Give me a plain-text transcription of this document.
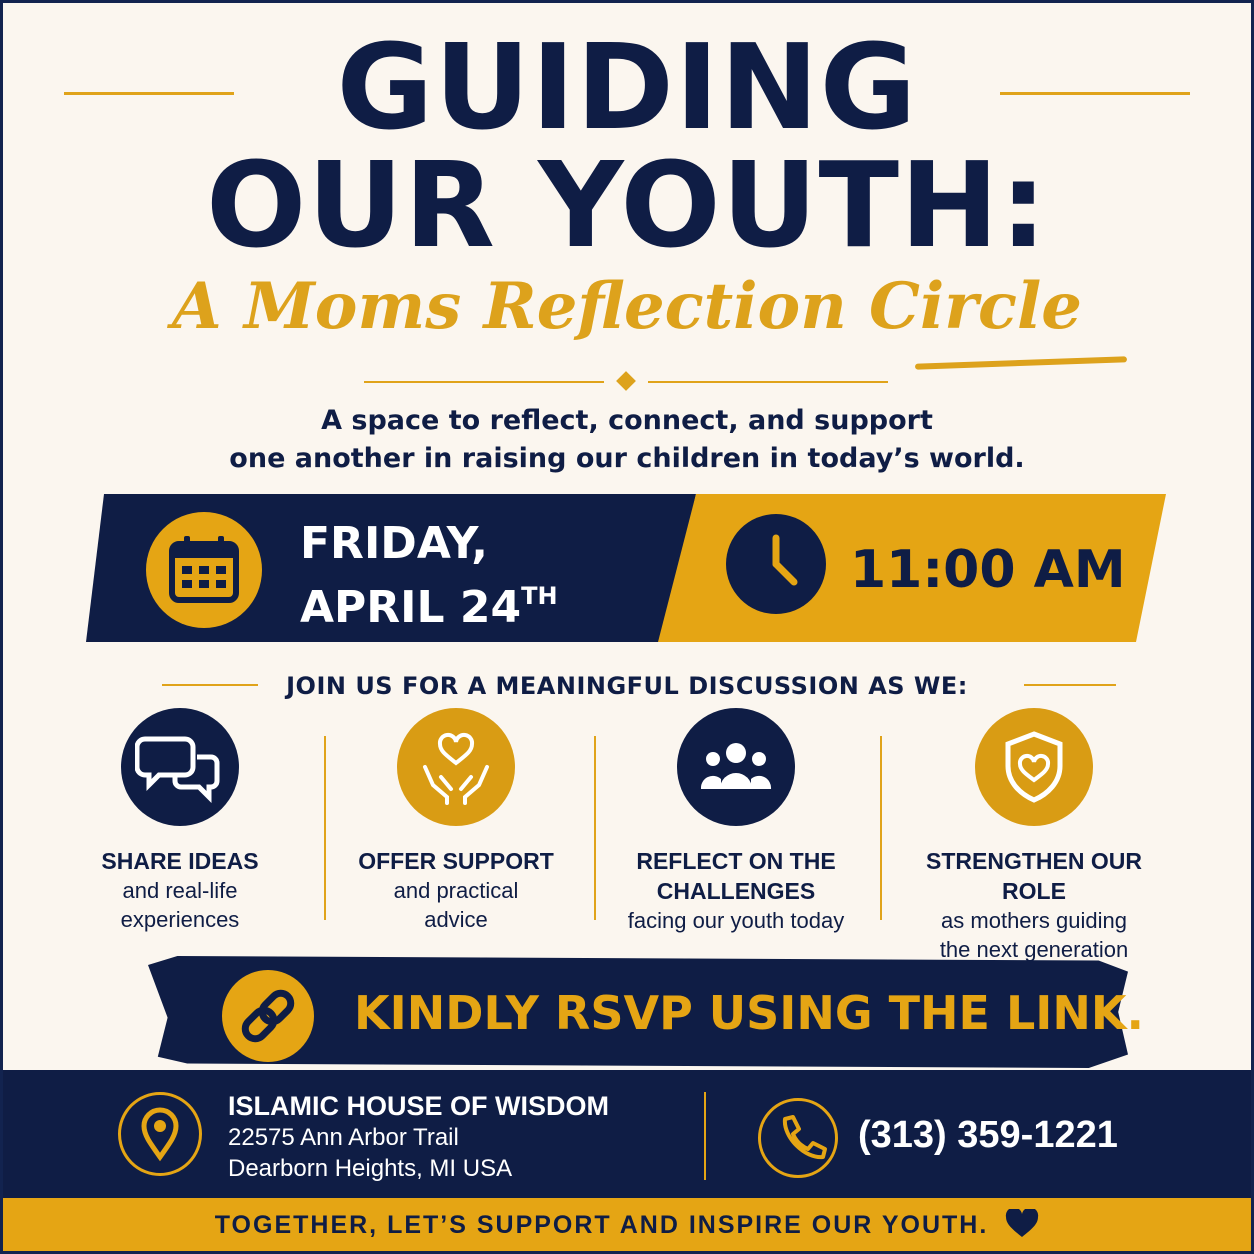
GUIDING
OUR YOUTH:
A Moms Reflection Circle
A space to reflect, connect, and support
one another in raising our children in today’s world.
FRIDAY,
APRIL 24TH	11:00 AM
JOIN US FOR A MEANINGFUL DISCUSSION AS WE:
SHARE IDEAS
and real-life
experiences
OFFER SUPPORT
and practical
advice
REFLECT ON THE
CHALLENGES
facing our youth today
STRENGTHEN OUR ROLE
as mothers guiding
the next generation
KINDLY RSVP USING THE LINK.
ISLAMIC HOUSE OF WISDOM
22575 Ann Arbor Trail
Dearborn Heights, MI USA
(313) 359-1221
TOGETHER, LET’S SUPPORT AND INSPIRE OUR YOUTH.
